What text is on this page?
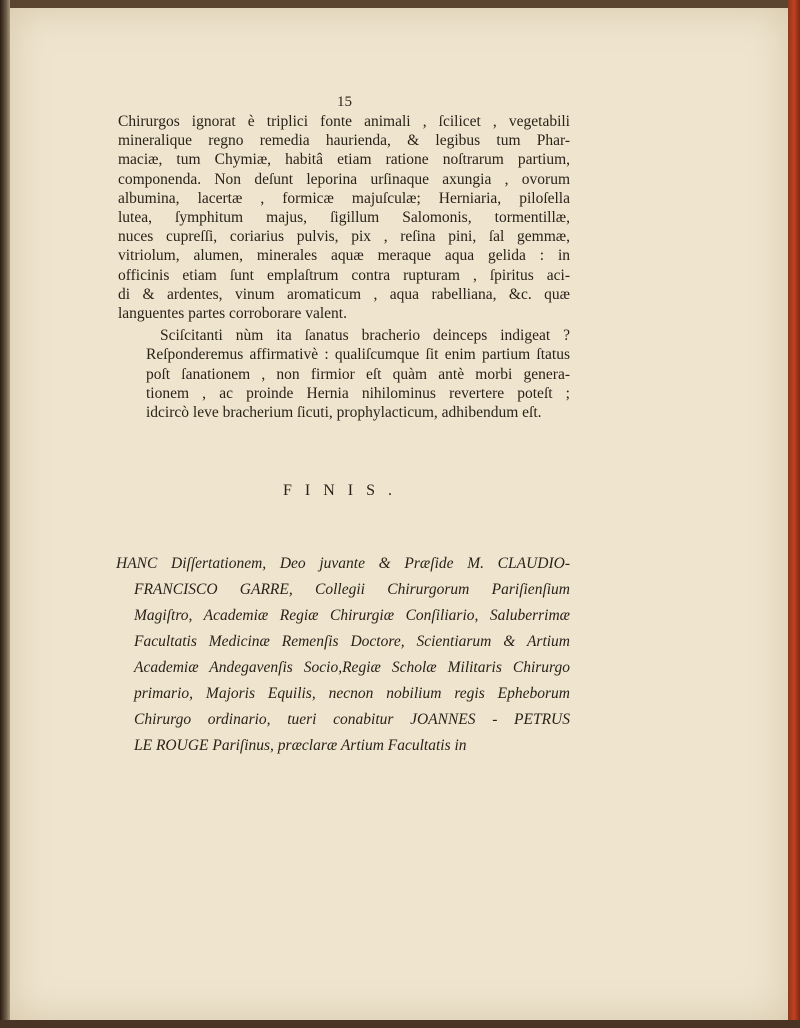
15

Chirurgos ignorat è triplici fonte animali , ſcilicet , vegetabili
mineralique regno remedia haurienda, & legibus tum Phar-
maciæ, tum Chymiæ, habitâ etiam ratione noſtrarum partium,
componenda. Non deſunt leporina urſinaque axungia , ovorum
albumina, lacertæ , formicæ majuſculæ; Herniaria, piloſella
lutea, ſymphitum majus, ſigillum Salomonis, tormentillæ,
nuces cupreſſi, coriarius pulvis, pix , reſina pini, ſal gemmæ,
vitriolum, alumen, minerales aquæ meraque aqua gelida : in
officinis etiam ſunt emplaſtrum contra rupturam , ſpiritus aci-
di & ardentes, vinum aromaticum , aqua rabelliana, &c. quæ
languentes partes corroborare valent.

Sciſcitanti nùm ita ſanatus bracherio deinceps indigeat ?
Reſponderemus affirmativè : qualiſcumque ſit enim partium ſtatus
poſt ſanationem , non firmior eſt quàm antè morbi genera-
tionem , ac proinde Hernia nihilominus revertere poteſt ;
idcircò leve bracherium ſicuti, prophylacticum, adhibendum eſt.

FINIS.
HANC Diſſertationem, Deo juvante & Præſide M. CLAUDIO-
FRANCISCO GARRE, Collegii Chirurgorum Pariſienſium
Magiſtro, Academiæ Regiæ Chirurgiæ Conſiliario, Saluberrimæ
Facultatis Medicinæ Remenſis Doctore, Scientiarum & Artium
Academiæ Andegavenſis Socio,Regiæ Scholæ Militaris Chirurgo
primario, Majoris Equilis, necnon nobilium regis Epheborum
Chirurgo ordinario, tueri conabitur JOANNES - PETRUS
LE ROUGE Pariſinus, præclaræ Artium Facultatis in
